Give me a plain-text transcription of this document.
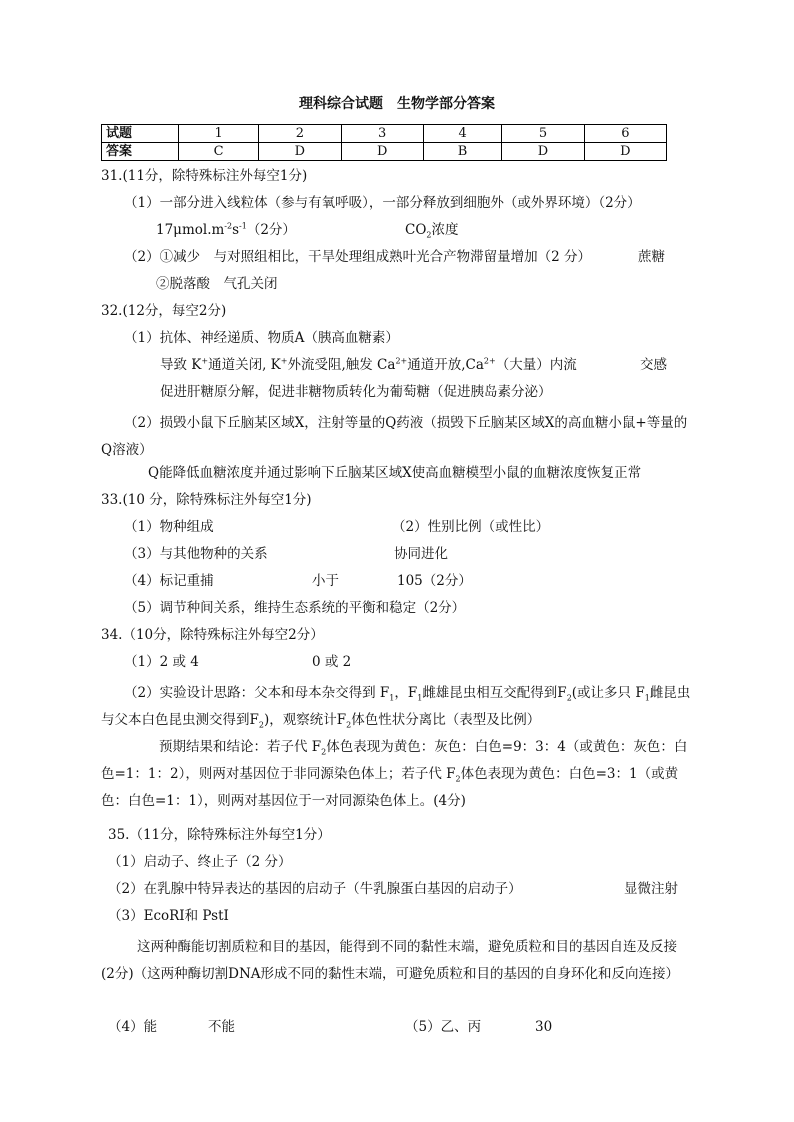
理科综合试题　生物学部分答案
试题	1	2	3	4	5	6
答案	C	D	D	B	D	D
31.(11分，除特殊标注外每空1分)
（1）一部分进入线粒体（参与有氧呼吸），一部分释放到细胞外（或外界环境）（2分）
$17\mu mol.m^{-2}s^{-1}(2$分）	$CO_2$浓度
（2）①减少　与对照组相比，干旱处理组成熟叶光合产物滞留量增加（2 分）	蔗糖
②脱落酸　气孔关闭
32.(12分，每空2分)
（1）抗体、神经递质、物质A（胰高血糖素）
导致 K+通道关闭, K+外流受阻,触发 $Ca^{2+}$通道开放$,Ca^{2+}$（大量）内流	交感
促进肝糖原分解，促进非糖物质转化为葡萄糖（促进胰岛素分泌）
（2）损毁小鼠下丘脑某区域X，注射等量的Q药液（损毁下丘脑某区域X的高血糖小鼠+等量的Q溶液）
Q能降低血糖浓度并通过影响下丘脑某区域X使高血糖模型小鼠的血糖浓度恢复正常
33.(10 分，除特殊标注外每空1分)
（1）物种组成	（2）性别比例（或性比）
（3）与其他物种的关系	协同进化
（4）标记重捕	小于	105（2分）
（5）调节种间关系，维持生态系统的平衡和稳定（2分）
34.（10分，除特殊标注外每空2分）
（1）2 或 4	0 或 2
（2）实验设计思路：父本和母本杂交得到 $F_1$，$F_1$雌雄昆虫相互交配得到$F_2$(或让多只 $F_1$雌昆虫与父本白色昆虫测交得到$F_2$)，观察统计$F_2$体色性状分离比（表型及比例）
预期结果和结论：若子代 $F_2$体色表现为黄色：灰色：白色=9：3：4（或黄色：灰色：白色=1：1：2），则两对基因位于非同源染色体上；若子代 $F_2$体色表现为黄色：白色=3：1（或黄色：白色=1：1），则两对基因位于一对同源染色体上。(4分)
35.（11分，除特殊标注外每空1分）
（1）启动子、终止子（2 分）
（2）在乳腺中特异表达的基因的启动子（牛乳腺蛋白基因的启动子）	显微注射
（3）EcoRⅠ和 PstⅠ
这两种酶能切割质粒和目的基因，能得到不同的黏性末端，避免质粒和目的基因自连及反接　(2分)（这两种酶切割DNA形成不同的黏性末端，可避免质粒和目的基因的自身环化和反向连接）
（4）能	不能	（5）乙、丙	30
